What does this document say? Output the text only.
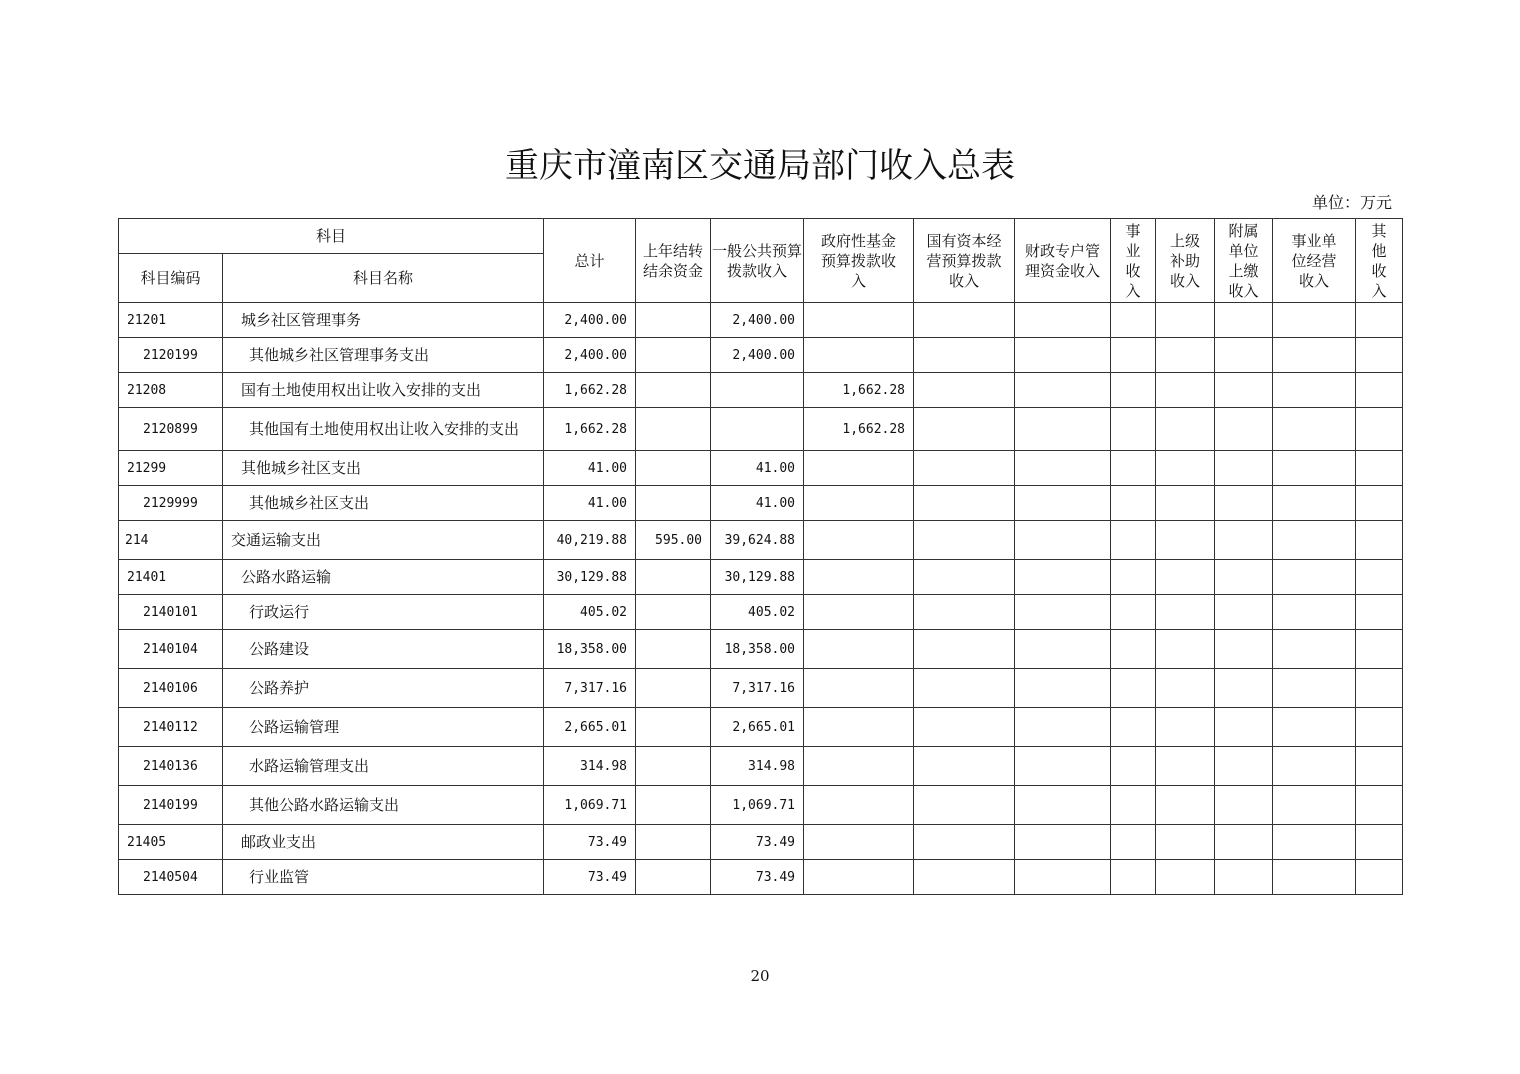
重庆市潼南区交通局部门收入总表
单位：万元
科目		总计	上年结转结余资金	一般公共预算拨款收入	政府性基金预算拨款收入	国有资本经营预算拨款收入	财政专户管理资金收入	事业收入	上级补助收入	附属单位上缴收入	事业单位经营收入	其他收入
科目编码	科目名称											
21201	城乡社区管理事务	2,400.00		2,400.00								
2120199	其他城乡社区管理事务支出	2,400.00		2,400.00								
21208	国有土地使用权出让收入安排的支出	1,662.28			1,662.28							
2120899	其他国有土地使用权出让收入安排的支出	1,662.28			1,662.28							
21299	其他城乡社区支出	41.00		41.00								
2129999	其他城乡社区支出	41.00		41.00								
214	交通运输支出	40,219.88	595.00	39,624.88								
21401	公路水路运输	30,129.88		30,129.88								
2140101	行政运行	405.02		405.02								
2140104	公路建设	18,358.00		18,358.00								
2140106	公路养护	7,317.16		7,317.16								
2140112	公路运输管理	2,665.01		2,665.01								
2140136	水路运输管理支出	314.98		314.98								
2140199	其他公路水路运输支出	1,069.71		1,069.71								
21405	邮政业支出	73.49		73.49								
2140504	行业监管	73.49		73.49								
20
